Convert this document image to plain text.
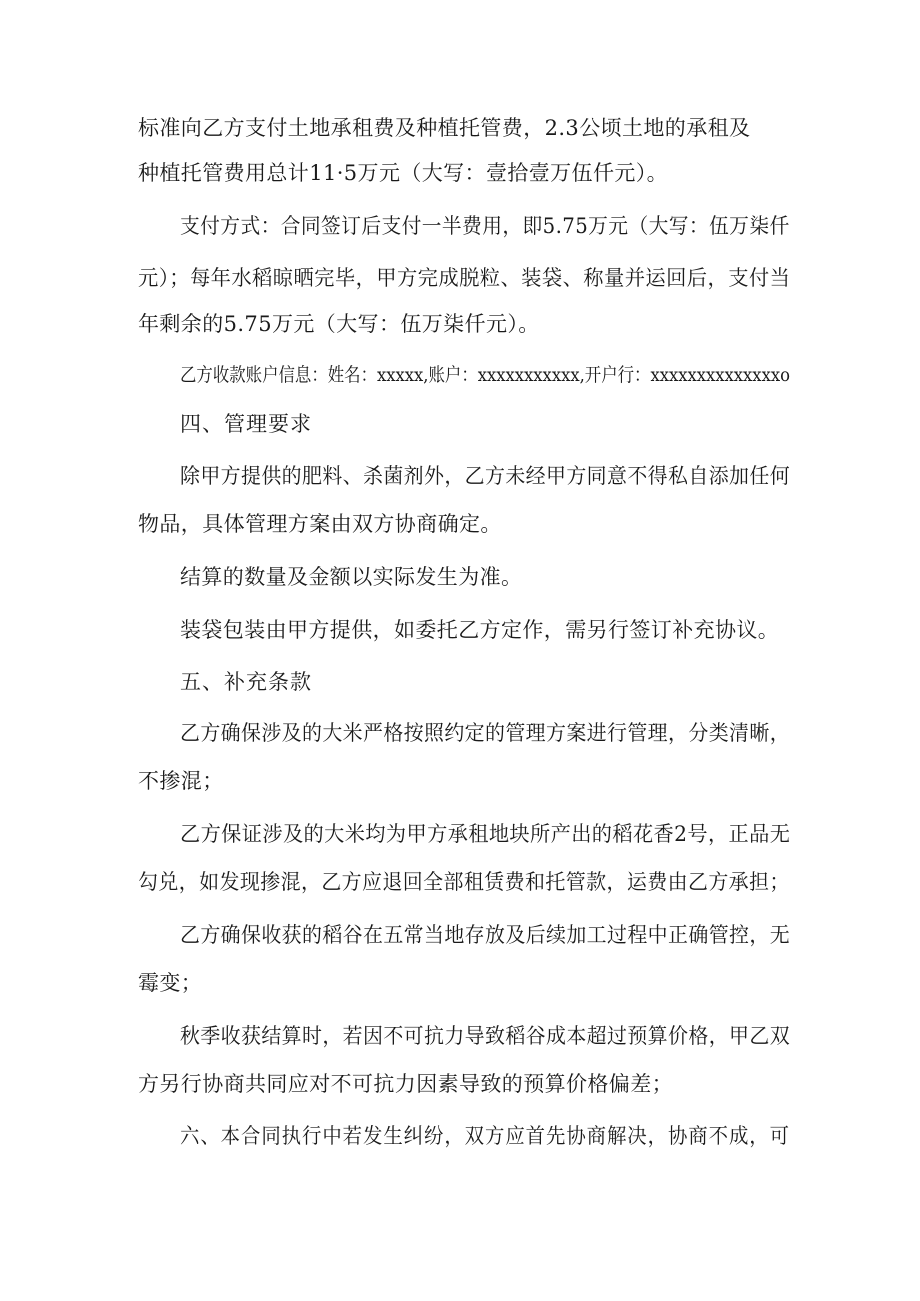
标准向乙方支付土地承租费及种植托管费，2.3公顷土地的承租及
种植托管费用总计11·5万元（大写：壹拾壹万伍仟元）。
支付方式：合同签订后支付一半费用，即5.75万元（大写：伍万柒仟
元）；每年水稻晾晒完毕，甲方完成脱粒、装袋、称量并运回后，支付当
年剩余的5.75万元（大写：伍万柒仟元）。
乙方收款账户信息：姓名：xxxxx,账户：xxxxxxxxxxx,开户行：xxxxxxxxxxxxxxo
四、管理要求
除甲方提供的肥料、杀菌剂外，乙方未经甲方同意不得私自添加任何
物品，具体管理方案由双方协商确定。
结算的数量及金额以实际发生为准。
装袋包装由甲方提供，如委托乙方定作，需另行签订补充协议。
五、补充条款
乙方确保涉及的大米严格按照约定的管理方案进行管理，分类清晰，
不掺混；
乙方保证涉及的大米均为甲方承租地块所产出的稻花香2号，正品无
勾兑，如发现掺混，乙方应退回全部租赁费和托管款，运费由乙方承担；
乙方确保收获的稻谷在五常当地存放及后续加工过程中正确管控，无
霉变；
秋季收获结算时，若因不可抗力导致稻谷成本超过预算价格，甲乙双
方另行协商共同应对不可抗力因素导致的预算价格偏差；
六、本合同执行中若发生纠纷，双方应首先协商解决，协商不成，可
